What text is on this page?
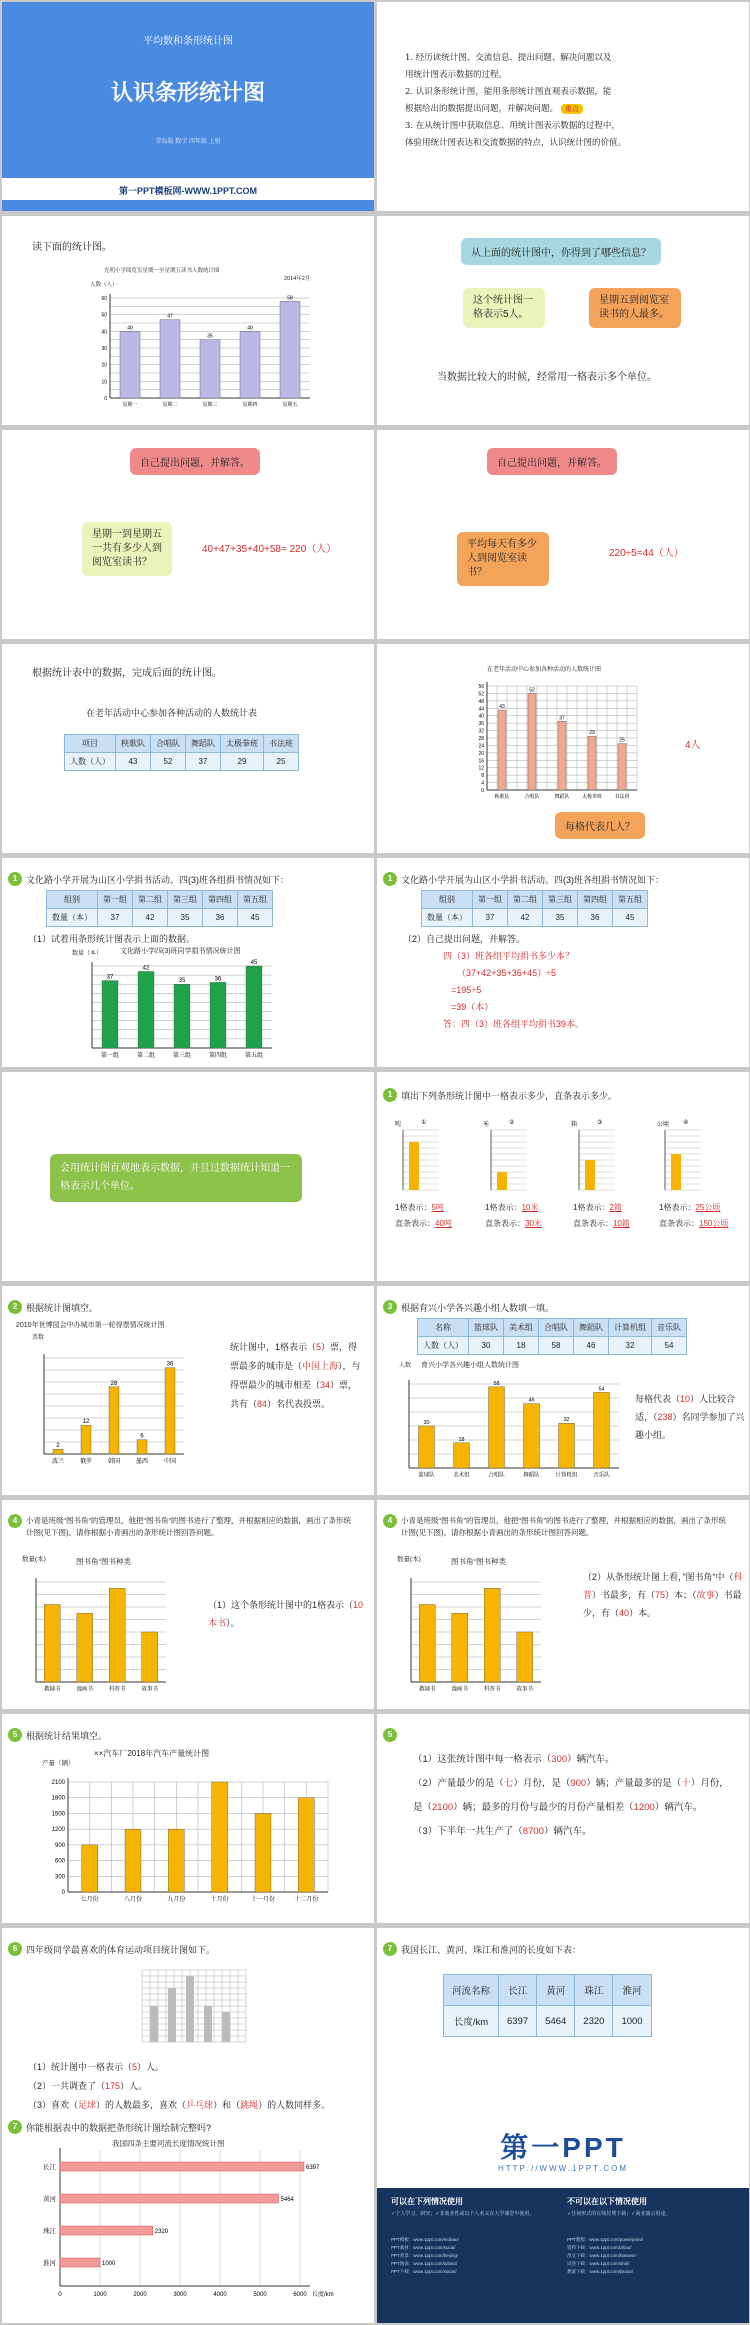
平均数和条形统计图
认识条形统计图
青岛版 数学 四年级 上册
第一PPT模板网-WWW.1PPT.COM
1. 经历读统计图、交流信息、提出问题、解决问题以及
用统计图表示数据的过程。
2. 认识条形统计图，能用条形统计图直观表示数据，能
根据给出的数据提出问题，并解决问题。 重点
3. 在从统计图中获取信息、用统计图表示数据的过程中，
体验用统计图表达和交流数据的特点，认识统计图的价值。
读下面的统计图。
光明小学阅览室星期一至星期五读书人数统计图
2014年2月
人数（人）
0
10
20
30
40
50
60
40
星期一
47
星期二
35
星期三
40
星期四
58
星期五
从上面的统计图中，你得到了哪些信息？
这个统计图一格表示5人。
星期五到阅览室读书的人最多。
当数据比较大的时候，经常用一格表示多个单位。
自己提出问题，并解答。
星期一到星期五一共有多少人到阅览室读书？
40+47+35+40+58= 220（人）
自己提出问题，并解答。
平均每天有多少人到阅览室读书？
220÷5=44（人）
根据统计表中的数据，完成后面的统计图。
在老年活动中心参加各种活动的人数统计表
项目	秧歌队	合唱队	舞蹈队	太极拳班	书法班
人数（人）	43	52	37	29	25
在老年活动中心参加各种活动的人数统计图
0
4
8
12
16
20
24
28
32
36
40
44
48
52
56
43
秧歌队
52
合唱队
37
舞蹈队
29
太极拳班
25
书法班
4人
每格代表几人？
1 文化路小学开展为山区小学捐书活动。四(3)班各组捐书情况如下：
组别	第一组	第二组	第三组	第四组	第五组
数量（本）	37	42	35	36	45
（1）试着用条形统计图表示上面的数据。
文化路小学四(3)班同学捐书情况统计图
数量（本）
37
第一组
42
第二组
35
第三组
36
第四组
45
第五组
1 文化路小学开展为山区小学捐书活动。四(3)班各组捐书情况如下：
组别	第一组	第二组	第三组	第四组	第五组
数量（本）	37	42	35	36	45
（2）自己提出问题，并解答。
四（3）班各组平均捐书多少本？
（37+42+35+36+45）÷5
=195÷5
=39（本）
答：四（3）班各组平均捐书39本。
会用统计图直观地表示数据，并且过数据统计知道一格表示几个单位。
1 填出下列条形统计图中一格表示多少，直条表示多少。
吨	①	米	②	箱	③	公顷 ④
1格表示：5吨
直条表示：40吨
1格表示：10米
直条表示：30米
1格表示：2箱
直条表示：10箱
1格表示：25公顷
直条表示：150公顷
2 根据统计图填空。
2010年世博园会中办城市第一轮得票情况统计图
票数
2
波兰
12
俄罗
28
韩国
6
墨西
36
中国
统计图中，1格表示（5）票，得票最多的城市是（中国上海），与得票最少的城市相差（34）票，共有（84）名代表投票。
3 根据育兴小学各兴趣小组人数填一填。
名称	篮球队	美术组	合唱队	舞蹈队	计算机组	音乐队
人数（人）	30	18	58	46	32	54
育兴小学各兴趣小组人数统计图
人数
30
篮球队
18
美术组
58
合唱队
46
舞蹈队
32
计算机组
54
音乐队
每格代表（10）人比较合适，（238）名同学参加了兴趣小组。
4	小青是班级“图书角”的管理员，他把“图书角”的图书进行了整理，并根据相应的数据，画出了条形统计图(见下图)。请你根据小青画出的条形统计图回答问题。
数量(本)	图书角“图书种类
教辅书	漫画书	科普书	故事书
（1）这个条形统计图中的1格表示（10本书）。
4	小青是班级“图书角”的管理员，他把“图书角”的图书进行了整理，并根据相应的数据，画出了条形统计图(见下图)。请你根据小青画出的条形统计图回答问题。
数量(本)	图书角“图书种类
教辅书	漫画书	科普书	故事书
（2）从条形统计图上看，”图书角“中（科普）书最多，有（75）本；（故事）书最少，有（40）本。
5 根据统计结果填空。
××汽车厂2018年汽车产量统计图
产量（辆）
0
300
600
900
1200
1500
1800
2100
七月份	八月份	九月份	十月份	十一月份	十二月份
5
（1）这张统计图中每一格表示（300）辆汽车。
（2）产量最少的是（七）月份，是（900）辆；产量最多的是（十）月份，是（2100）辆；最多的月份与最少的月份产量相差（1200）辆汽车。
（3）下半年一共生产了（8700）辆汽车。
6 四年级同学最喜欢的体育运动项目统计图如下。
（1）统计图中一格表示（5）人。
（2）一共调查了（175）人。
（3）喜欢（足球）的人数最多，喜欢（乒乓球）和（跳绳）的人数同样多。
7 我国长江、黄河、珠江和淮河的长度如下表：
河流名称	长江	黄河	珠江	淮河
长度/km	6397	5464	2320	1000
7 你能根据表中的数据把条形统计图绘制完整吗?
我国四条主要河流长度情况统计图
0	1000	2000	3000	4000	5000	6000 长度/km
长江	6397
黄河	5464
珠江	2320
淮河	1000
第一PPT
HTTP://WWW.1PPT.COM
可以在下列情况使用
✓个人学习、研究；✓非商业性或以个人名义在大学课堂中使用。
不可以在以下情况使用
✓任何形式的在线付费下载；✓商业演示用途。
PPT模板：www.1ppt.com/moban/
PPT素材：www.1ppt.com/sucai/
PPT背景：www.1ppt.com/beijing/
PPT图表：www.1ppt.com/tubiao/
PPT下载：www.1ppt.com/xiazai/
PPT教程：www.1ppt.com/powerpoint/
资料下载：www.1ppt.com/ziliao/
范文下载：www.1ppt.com/fanwen/
试卷下载：www.1ppt.com/shiti/
教案下载：www.1ppt.com/jiaoan/
